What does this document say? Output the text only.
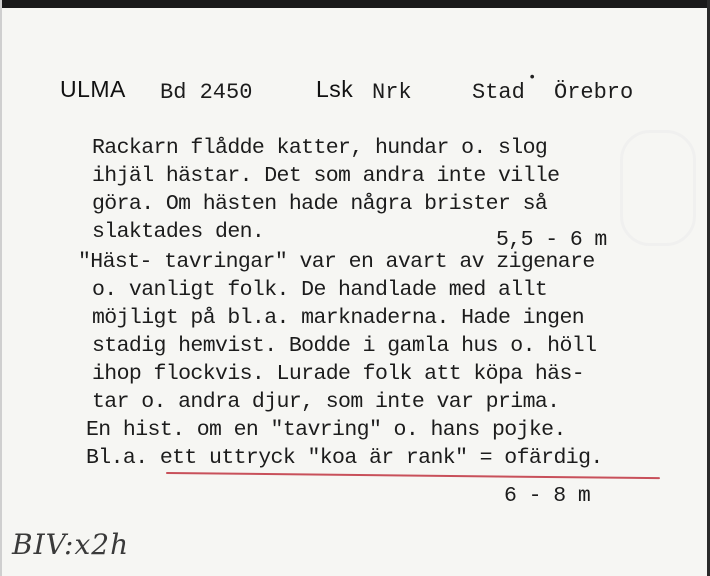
ULMA Bd 2450	Lsk Nrk	Stad
•
Örebro
Rackarn flådde katter, hundar o. slog
ihjäl hästar. Det som andra inte ville
göra. Om hästen hade några brister så
slaktades den.	5,5 - 6 m
"Häst- tavringar" var en avart av zigenare
o. vanligt folk. De handlade med allt
möjligt på bl.a. marknaderna. Hade ingen
stadig hemvist. Bodde i gamla hus o. höll
ihop flockvis. Lurade folk att köpa häs-
tar o. andra djur, som inte var prima.
En hist. om en "tavring" o. hans pojke.
Bl.a. ett uttryck "koa är rank" = ofärdig.
6 - 8 m
BIV:x2h
